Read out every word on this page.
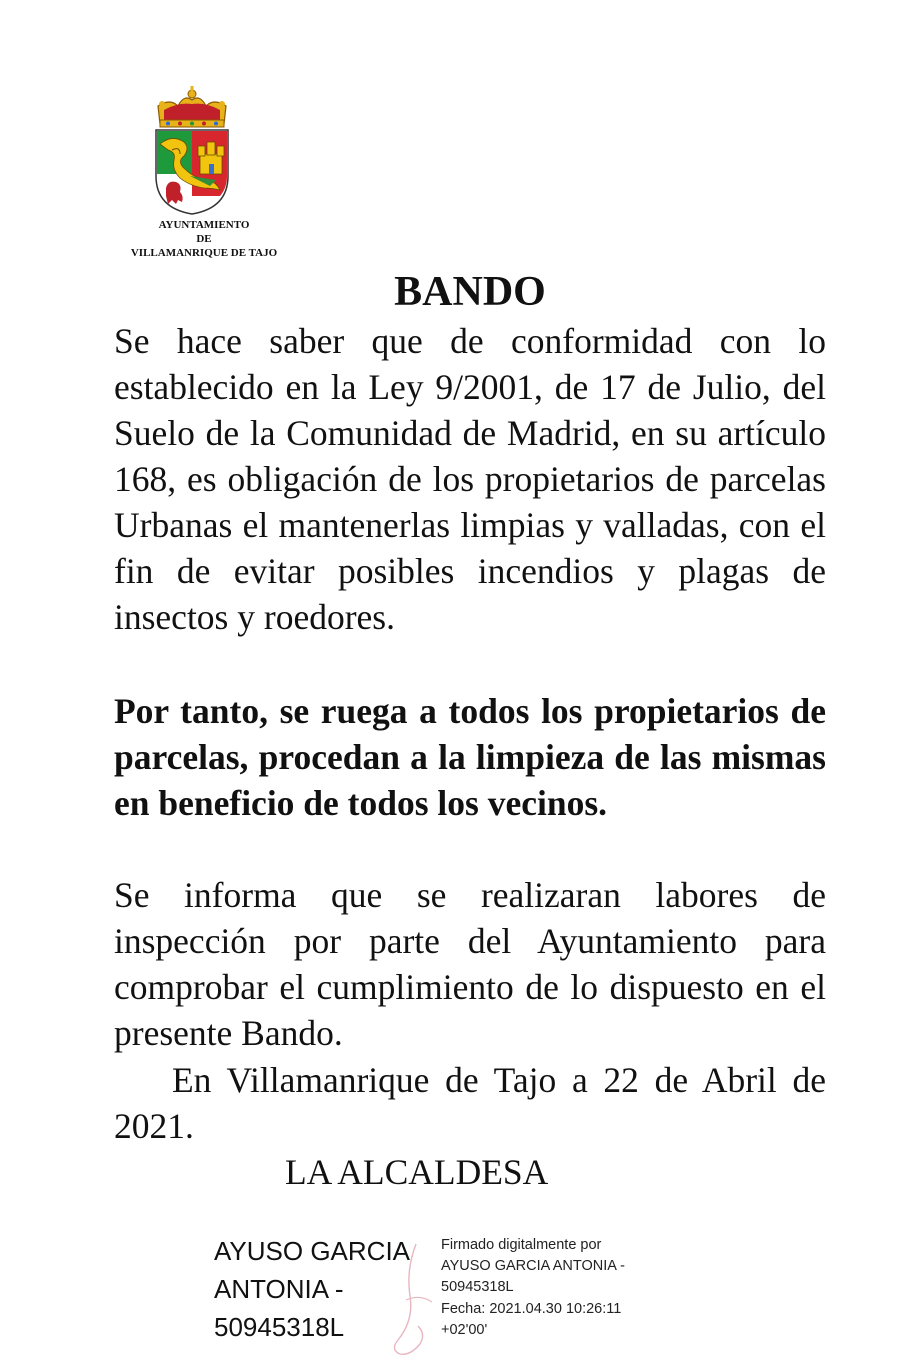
AYUNTAMIENTO
DE
VILLAMANRIQUE DE TAJO
BANDO
Se hace saber que de conformidad con lo establecido en la Ley 9/2001, de 17 de Julio, del Suelo de la Comunidad de Madrid, en su artículo 168, es obligación de los propietarios de parcelas Urbanas el mantenerlas limpias y valladas, con el fin de evitar posibles incendios y plagas de insectos y roedores.
Por tanto, se ruega a todos los propietarios de parcelas, procedan a la limpieza de las mismas en beneficio de todos los vecinos.
Se informa que se realizaran labores de inspección por parte del Ayuntamiento para comprobar el cumplimiento de lo dispuesto en el presente Bando.
En Villamanrique de Tajo a 22 de Abril de 2021.
LA ALCALDESA
AYUSO GARCIA
ANTONIA -
50945318L
Firmado digitalmente por
AYUSO GARCIA ANTONIA -
50945318L
Fecha: 2021.04.30 10:26:11
+02'00'
